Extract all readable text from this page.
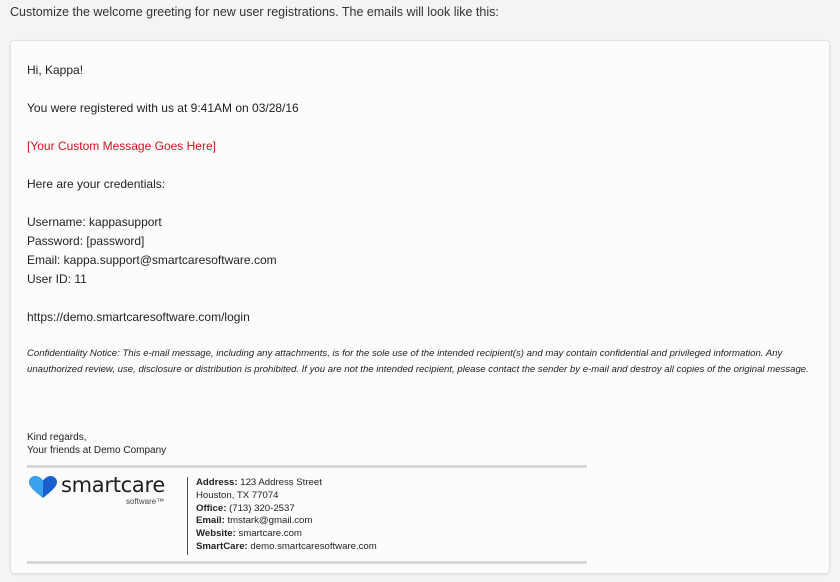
Customize the welcome greeting for new user registrations. The emails will look like this:
Hi, Kappa!
You were registered with us at 9:41AM on 03/28/16
[Your Custom Message Goes Here]
Here are your credentials:
Username: kappasupport
Password: [password]
Email: kappa.support@smartcaresoftware.com
User ID: 11
https://demo.smartcaresoftware.com/login
Confidentiality Notice: This e-mail message, including any attachments, is for the sole use of the intended recipient(s) and may contain confidential and privileged information. Any unauthorized review, use, disclosure or distribution is prohibited. If you are not the intended recipient, please contact the sender by e-mail and destroy all copies of the original message.
Kind regards,
Your friends at Demo Company
smartcare
software™
Address: 123 Address Street
Houston, TX 77074
Office: (713) 320-2537
Email: tmstark@gmail.com
Website: smartcare.com
SmartCare: demo.smartcaresoftware.com
